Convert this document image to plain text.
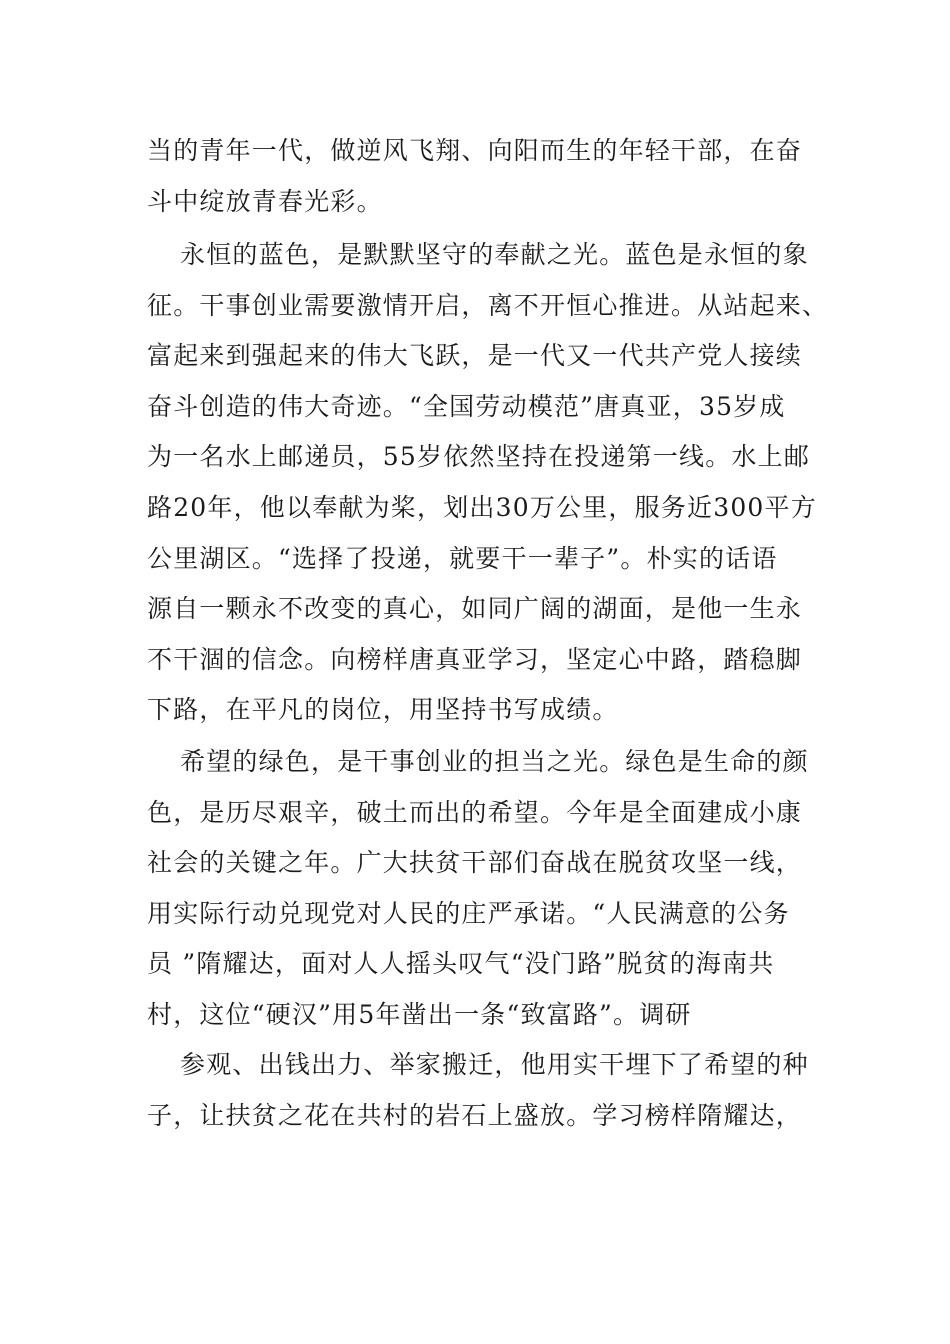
当的青年一代，做逆风飞翔、向阳而生的年轻干部，在奋
斗中绽放青春光彩。
永恒的蓝色，是默默坚守的奉献之光。蓝色是永恒的象
征。干事创业需要激情开启，离不开恒心推进。从站起来、
富起来到强起来的伟大飞跃，是一代又一代共产党人接续
奋斗创造的伟大奇迹。“全国劳动模范”唐真亚，35岁成
为一名水上邮递员，55岁依然坚持在投递第一线。水上邮
路20年，他以奉献为桨，划出30万公里，服务近300平方
公里湖区。“选择了投递，就要干一辈子”。朴实的话语
源自一颗永不改变的真心，如同广阔的湖面，是他一生永
不干涸的信念。向榜样唐真亚学习，坚定心中路，踏稳脚
下路，在平凡的岗位，用坚持书写成绩。
希望的绿色，是干事创业的担当之光。绿色是生命的颜
色，是历尽艰辛，破土而出的希望。今年是全面建成小康
社会的关键之年。广大扶贫干部们奋战在脱贫攻坚一线，
用实际行动兑现党对人民的庄严承诺。“人民满意的公务
员 ”隋耀达，面对人人摇头叹气“没门路”脱贫的海南共
村，这位“硬汉”用5年凿出一条“致富路”。调研
参观、出钱出力、举家搬迁，他用实干埋下了希望的种
子，让扶贫之花在共村的岩石上盛放。学习榜样隋耀达，
